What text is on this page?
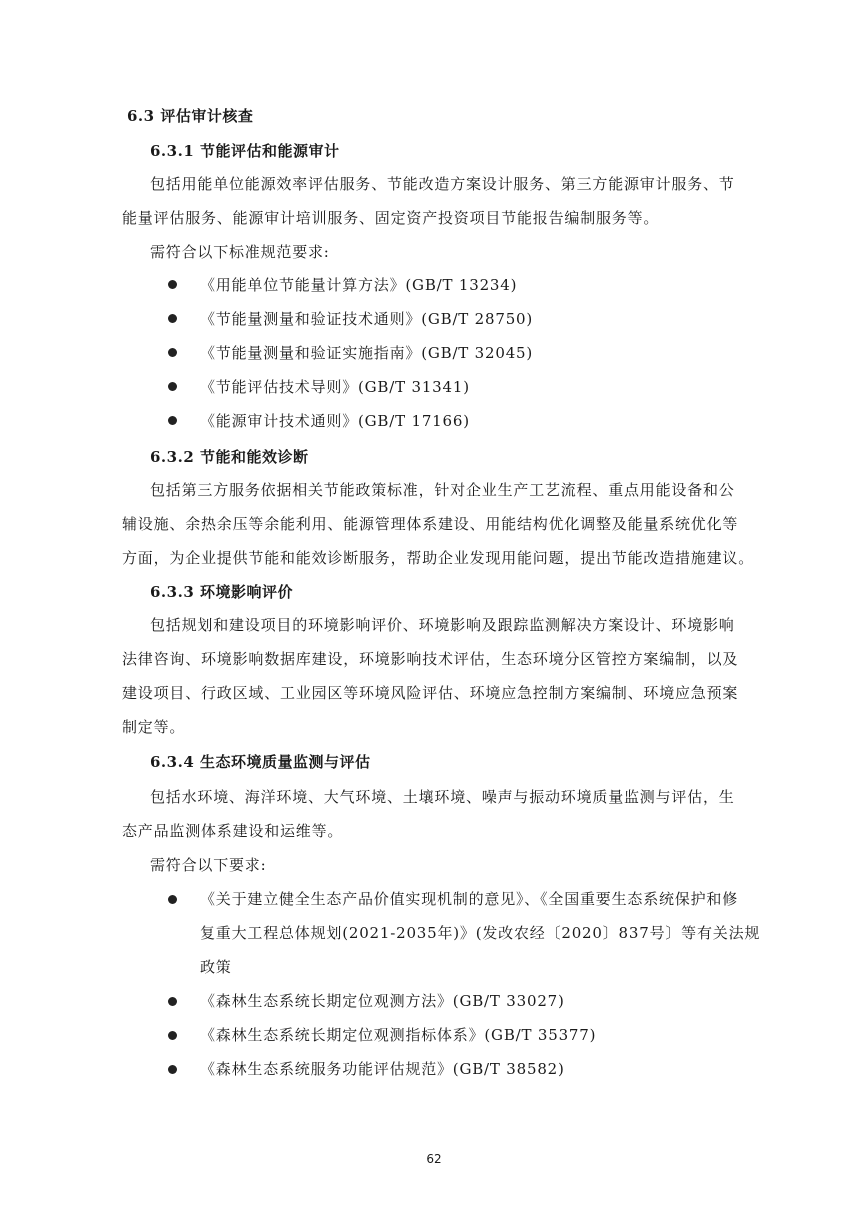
6.3 评估审计核查
6.3.1 节能评估和能源审计
包括用能单位能源效率评估服务、节能改造方案设计服务、第三方能源审计服务、节
能量评估服务、能源审计培训服务、固定资产投资项目节能报告编制服务等。
需符合以下标准规范要求:
《用能单位节能量计算方法》(GB/T 13234)
《节能量测量和验证技术通则》(GB/T 28750)
《节能量测量和验证实施指南》(GB/T 32045)
《节能评估技术导则》(GB/T 31341)
《能源审计技术通则》(GB/T 17166)
6.3.2 节能和能效诊断
包括第三方服务依据相关节能政策标准，针对企业生产工艺流程、重点用能设备和公
辅设施、余热余压等余能利用、能源管理体系建设、用能结构优化调整及能量系统优化等
方面，为企业提供节能和能效诊断服务，帮助企业发现用能问题，提出节能改造措施建议。
6.3.3 环境影响评价
包括规划和建设项目的环境影响评价、环境影响及跟踪监测解决方案设计、环境影响
法律咨询、环境影响数据库建设，环境影响技术评估，生态环境分区管控方案编制，以及
建设项目、行政区域、工业园区等环境风险评估、环境应急控制方案编制、环境应急预案
制定等。
6.3.4 生态环境质量监测与评估
包括水环境、海洋环境、大气环境、土壤环境、噪声与振动环境质量监测与评估，生
态产品监测体系建设和运维等。
需符合以下要求:
《关于建立健全生态产品价值实现机制的意见》、《全国重要生态系统保护和修
复重大工程总体规划(2021-2035年)》(发改农经〔2020〕837号〕等有关法规
政策
《森林生态系统长期定位观测方法》(GB/T 33027)
《森林生态系统长期定位观测指标体系》(GB/T 35377)
《森林生态系统服务功能评估规范》(GB/T 38582)
62
